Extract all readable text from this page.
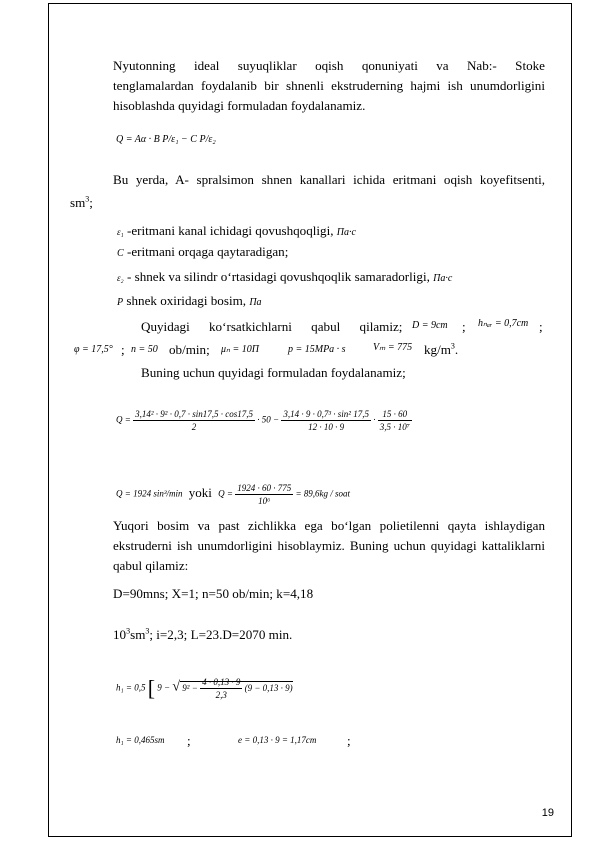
Nyutonning ideal suyuqliklar oqish qonuniyati va Nab:- Stoke
tenglamalardan foydalanib bir shnenli ekstruderning hajmi ish unumdorligini
hisoblashda quyidagi formuladan foydalanamiz.
Q = Aα · B P/ε₁ − C P/ε₂
Bu yerda, A- spralsimon shnen kanallari ichida eritmani oqish koyefitsenti,
$sm^3$;
ε₁ -eritmani kanal ichidagi qovushqoqligi, Πa·c
C -eritmani orqaga qaytaradigan;
ε₂ - shnek va silindr o‘rtasidagi qovushqoqlik samaradorligi, Πa·c
P shnek oxiridagi bosim, Πa
Quyidagi ko‘rsatkichlarni qabul qilamiz; D = 9cm ; hₙₐᵣ = 0,7cm ;
φ = 17,5° ; n = 50 ob/min; μₙ = 10Π	p = 15MPa · s	Vₘ = 775 $kg/m^3$.
Buning uchun quyidagi formuladan foydalanamiz;
$Q = \frac{\text{3,14² · 9² · 0,7 · sin17,5 · cos17,5}}{2} \cdot 50 - \frac{\text{3,14 · 9 · 0,7³ · sin² 17,5}}{12 \cdot 10 \cdot 9} \cdot \frac{15 \cdot 60}{\text{3,5 · 10⁷}}$
Q = 1924 sin³/min yoki $Q = \frac{1924 \cdot 60 \cdot 775}{\text{10⁶}} = 89,6kg$ / soat
Yuqori bosim va past zichlikka ega bo‘lgan polietilenni qayta ishlaydigan
ekstruderni ish unumdorligini hisoblaymiz. Buning uchun quyidagi kattaliklarni
qabul qilamiz:
D=90mns; X=1; n=50 ob/min; k=4,18
$10^3sm^3$; i=2,3; L=23.D=2070 min.
h₁ = 0,5 [ 9 − √ $9^2 - \frac{4 \cdot 0,13 \cdot 9}{2,3} (9 - 0,13 \cdot 9)$
h₁ = 0,465sm ;	e = 0,13 · 9 = 1,17cm ;
19
